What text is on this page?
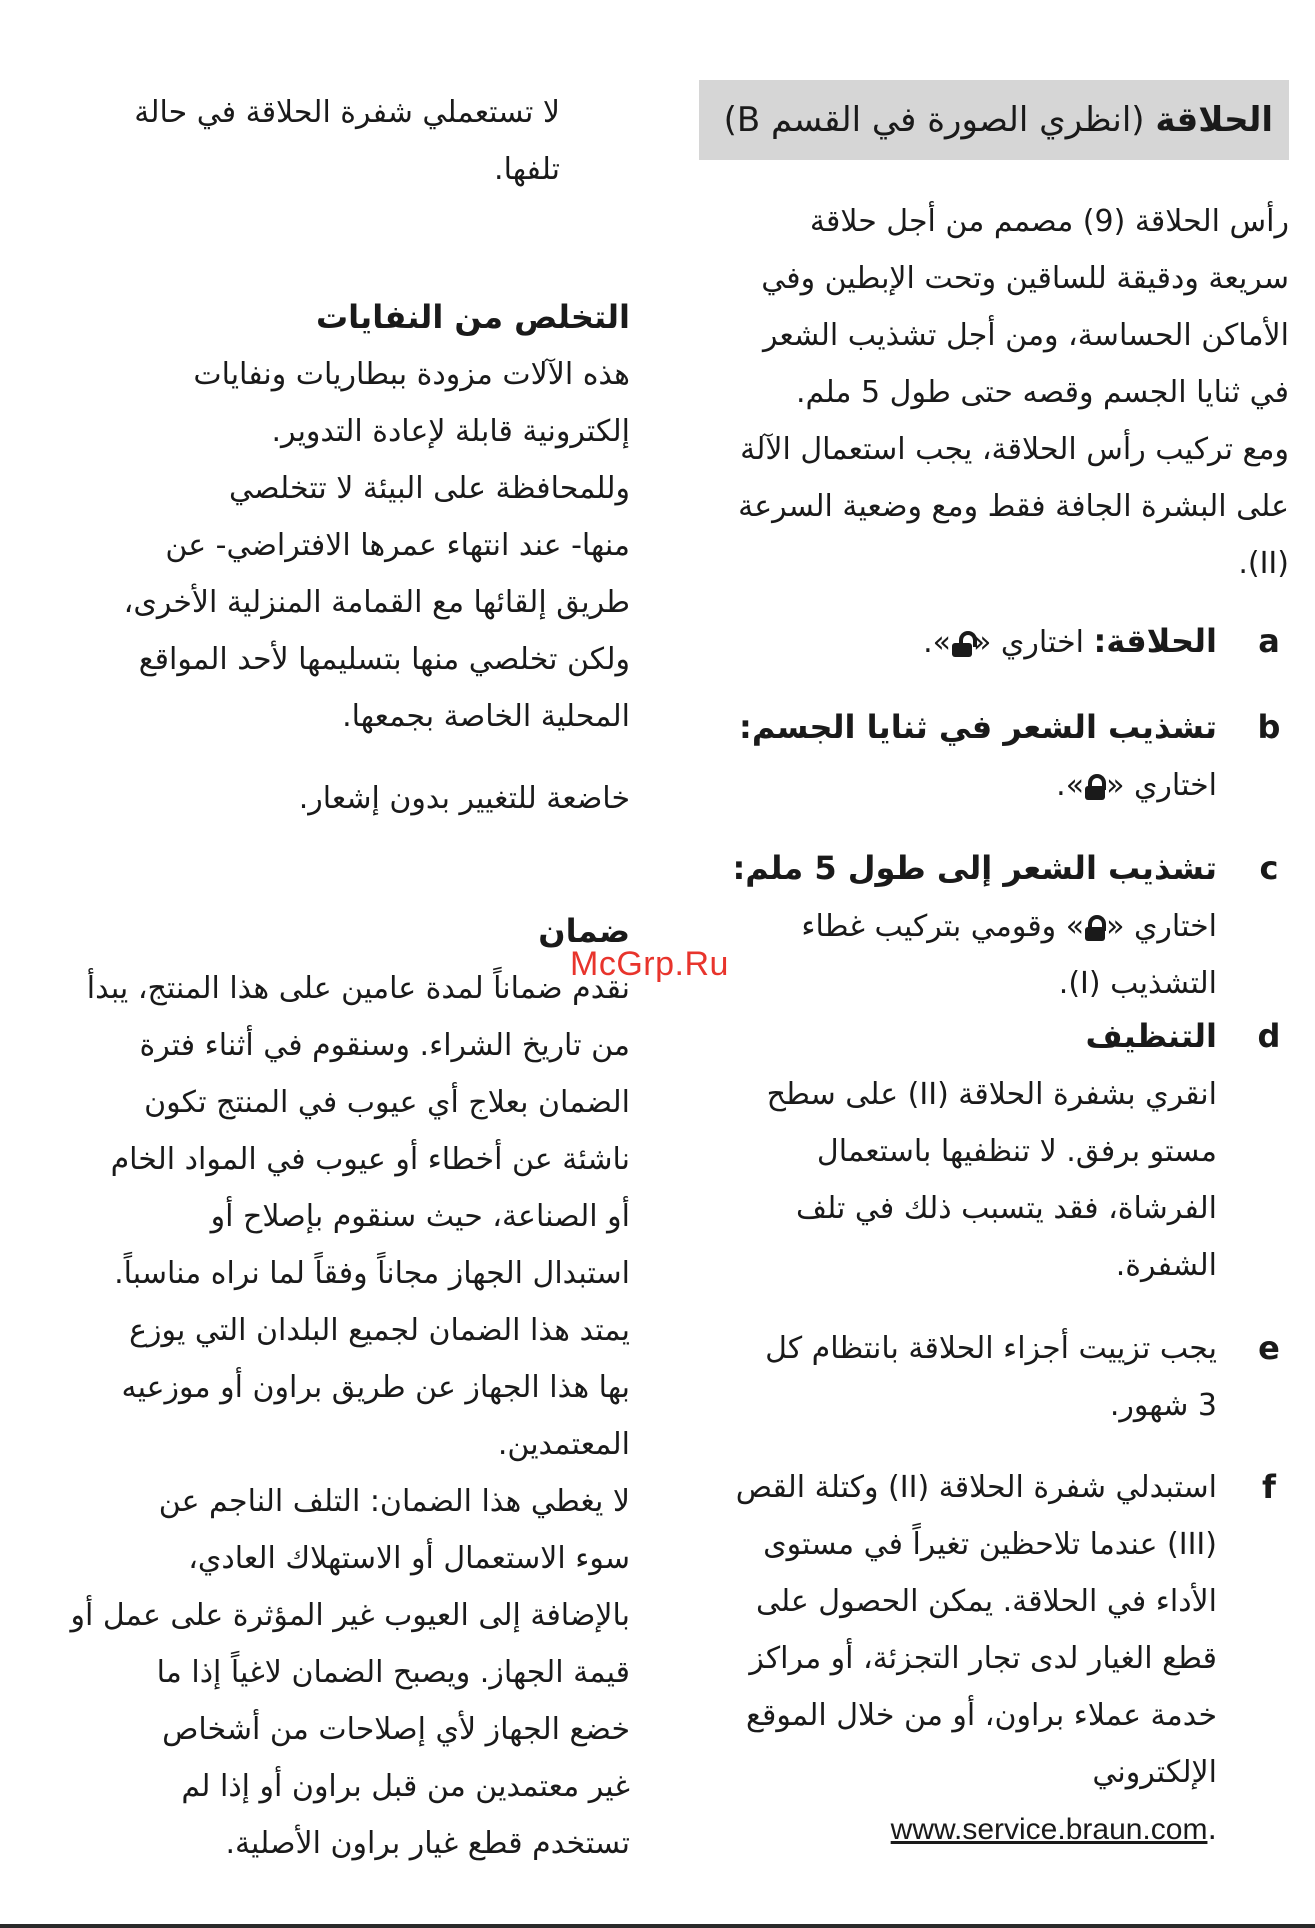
الحلاقة (انظري الصورة في القسم B)
رأس الحلاقة (9) مصمم من أجل حلاقة
سريعة ودقيقة للساقين وتحت الإبطين وفي
الأماكن الحساسة، ومن أجل تشذيب الشعر
في ثنايا الجسم وقصه حتى طول 5 ملم.
ومع تركيب رأس الحلاقة، يجب استعمال الآلة
على البشرة الجافة فقط ومع وضعية السرعة
(II).
a
الحلاقة: اختاري «
».
b
تشذيب الشعر في ثنايا الجسم:
اختاري «
».
c
تشذيب الشعر إلى طول 5 ملم:
اختاري «
» وقومي بتركيب غطاء
التشذيب (I).
d
التنظيف
انقري بشفرة الحلاقة (II) على سطح
مستو برفق. لا تنظفيها باستعمال
الفرشاة، فقد يتسبب ذلك في تلف
الشفرة.
e
يجب تزييت أجزاء الحلاقة بانتظام كل
3 شهور.
f
استبدلي شفرة الحلاقة (II) وكتلة القص
(III) عندما تلاحظين تغيراً في مستوى
الأداء في الحلاقة. يمكن الحصول على
قطع الغيار لدى تجار التجزئة، أو مراكز
خدمة عملاء براون، أو من خلال الموقع
الإلكتروني
.www.service.braun.com
لا تستعملي شفرة الحلاقة في حالة
تلفها.
التخلص من النفايات
هذه الآلات مزودة ببطاريات ونفايات
إلكترونية قابلة لإعادة التدوير.
وللمحافظة على البيئة لا تتخلصي
منها- عند انتهاء عمرها الافتراضي- عن
طريق إلقائها مع القمامة المنزلية الأخرى،
ولكن تخلصي منها بتسليمها لأحد المواقع
المحلية الخاصة بجمعها.
خاضعة للتغيير بدون إشعار.
ضمان
نقدم ضماناً لمدة عامين على هذا المنتج، يبدأ
من تاريخ الشراء. وسنقوم في أثناء فترة
الضمان بعلاج أي عيوب في المنتج تكون
ناشئة عن أخطاء أو عيوب في المواد الخام
أو الصناعة، حيث سنقوم بإصلاح أو
استبدال الجهاز مجاناً وفقاً لما نراه مناسباً.
يمتد هذا الضمان لجميع البلدان التي يوزع
بها هذا الجهاز عن طريق براون أو موزعيه
المعتمدين.
لا يغطي هذا الضمان: التلف الناجم عن
سوء الاستعمال أو الاستهلاك العادي،
بالإضافة إلى العيوب غير المؤثرة على عمل أو
قيمة الجهاز. ويصبح الضمان لاغياً إذا ما
خضع الجهاز لأي إصلاحات من أشخاص
غير معتمدين من قبل براون أو إذا لم
تستخدم قطع غيار براون الأصلية.
McGrp.Ru
